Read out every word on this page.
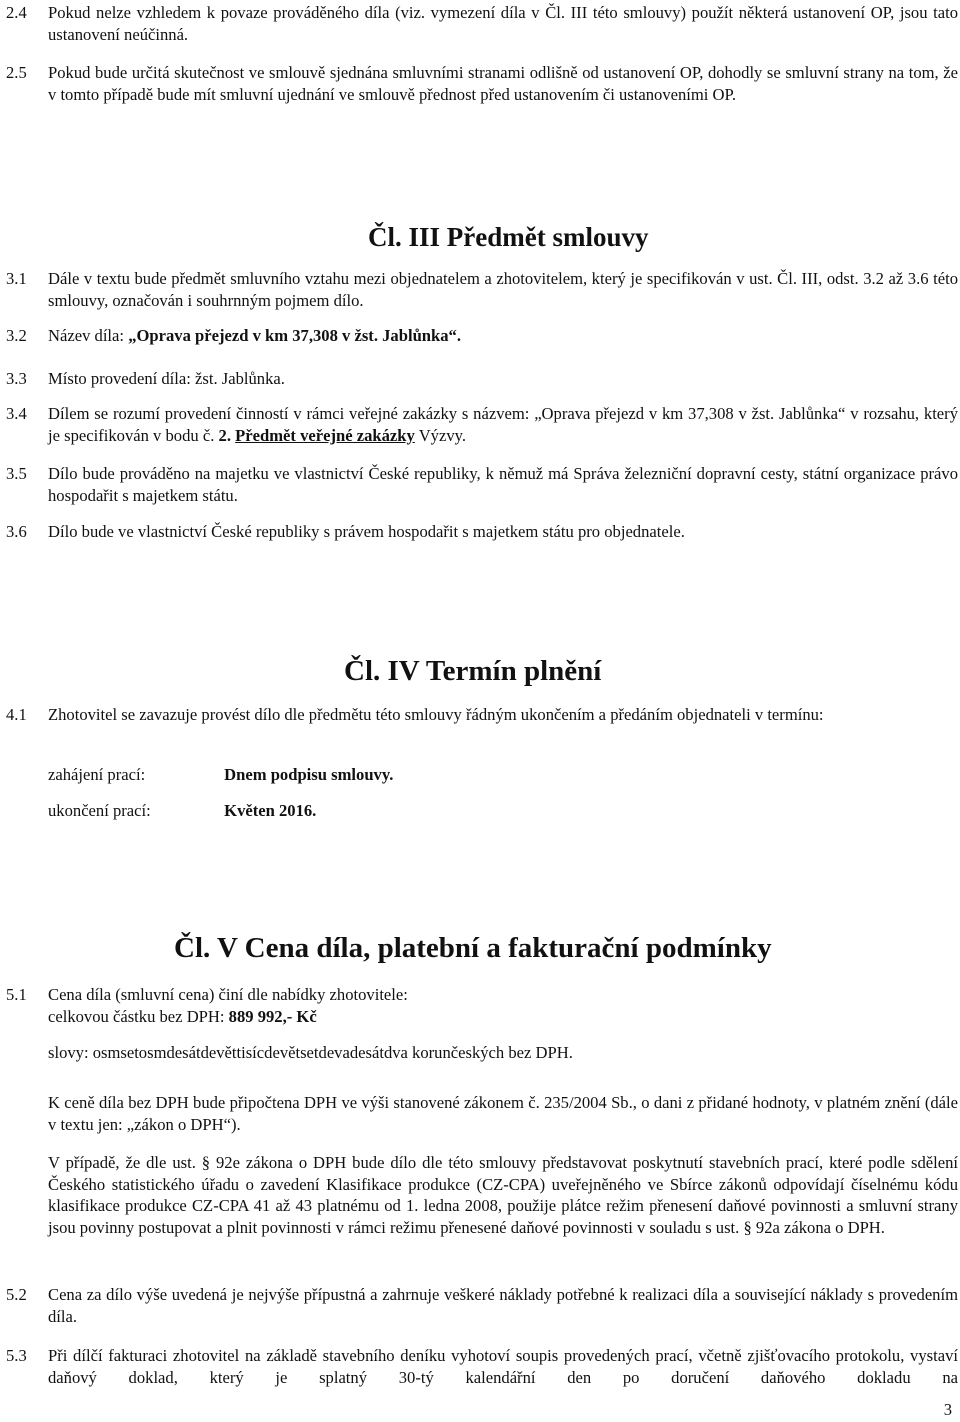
2.4 Pokud nelze vzhledem k povaze prováděného díla (viz. vymezení díla v Čl. III této smlouvy) použít některá ustanovení OP, jsou tato ustanovení neúčinná.
2.5 Pokud bude určitá skutečnost ve smlouvě sjednána smluvními stranami odlišně od ustanovení OP, dohodly se smluvní strany na tom, že v tomto případě bude mít smluvní ujednání ve smlouvě přednost před ustanovením či ustanoveními OP.
Čl. III Předmět smlouvy
3.1 Dále v textu bude předmět smluvního vztahu mezi objednatelem a zhotovitelem, který je specifikován v ust. Čl. III, odst. 3.2 až 3.6 této smlouvy, označován i souhrnným pojmem dílo.
3.2 Název díla: „Oprava přejezd v km 37,308 v žst. Jablůnka“.
3.3 Místo provedení díla: žst. Jablůnka.
3.4 Dílem se rozumí provedení činností v rámci veřejné zakázky s názvem: „Oprava přejezd v km 37,308 v žst. Jablůnka“ v rozsahu, který je specifikován v bodu č. 2. Předmět veřejné zakázky Výzvy.
3.5 Dílo bude prováděno na majetku ve vlastnictví České republiky, k němuž má Správa železniční dopravní cesty, státní organizace právo hospodařit s majetkem státu.
3.6 Dílo bude ve vlastnictví České republiky s právem hospodařit s majetkem státu pro objednatele.
Čl. IV Termín plnění
4.1 Zhotovitel se zavazuje provést dílo dle předmětu této smlouvy řádným ukončením a předáním objednateli v termínu:
zahájení prací:	Dnem podpisu smlouvy.
ukončení prací:	Květen 2016.
Čl. V Cena díla, platební a fakturační podmínky
5.1 Cena díla (smluvní cena) činí dle nabídky zhotovitele:
celkovou částku bez DPH: 889 992,- Kč
slovy: osmsetosmdesátdevěttisícdevětsetdevadesátdva korunčeských bez DPH.
K ceně díla bez DPH bude připočtena DPH ve výši stanovené zákonem č. 235/2004 Sb., o dani z přidané hodnoty, v platném znění (dále v textu jen: „zákon o DPH“).
V případě, že dle ust. § 92e zákona o DPH bude dílo dle této smlouvy představovat poskytnutí stavebních prací, které podle sdělení Českého statistického úřadu o zavedení Klasifikace produkce (CZ-CPA) uveřejněného ve Sbírce zákonů odpovídají číselnému kódu klasifikace produkce CZ-CPA 41 až 43 platnému od 1. ledna 2008, použije plátce režim přenesení daňové povinnosti a smluvní strany jsou povinny postupovat a plnit povinnosti v rámci režimu přenesené daňové povinnosti v souladu s ust. § 92a zákona o DPH.
5.2 Cena za dílo výše uvedená je nejvýše přípustná a zahrnuje veškeré náklady potřebné k realizaci díla a související náklady s provedením díla.
5.3 Při dílčí fakturaci zhotovitel na základě stavebního deníku vyhotoví soupis provedených prací, včetně zjišťovacího protokolu, vystaví daňový doklad, který je splatný 30-tý kalendářní den po doručení daňového dokladu na
3
